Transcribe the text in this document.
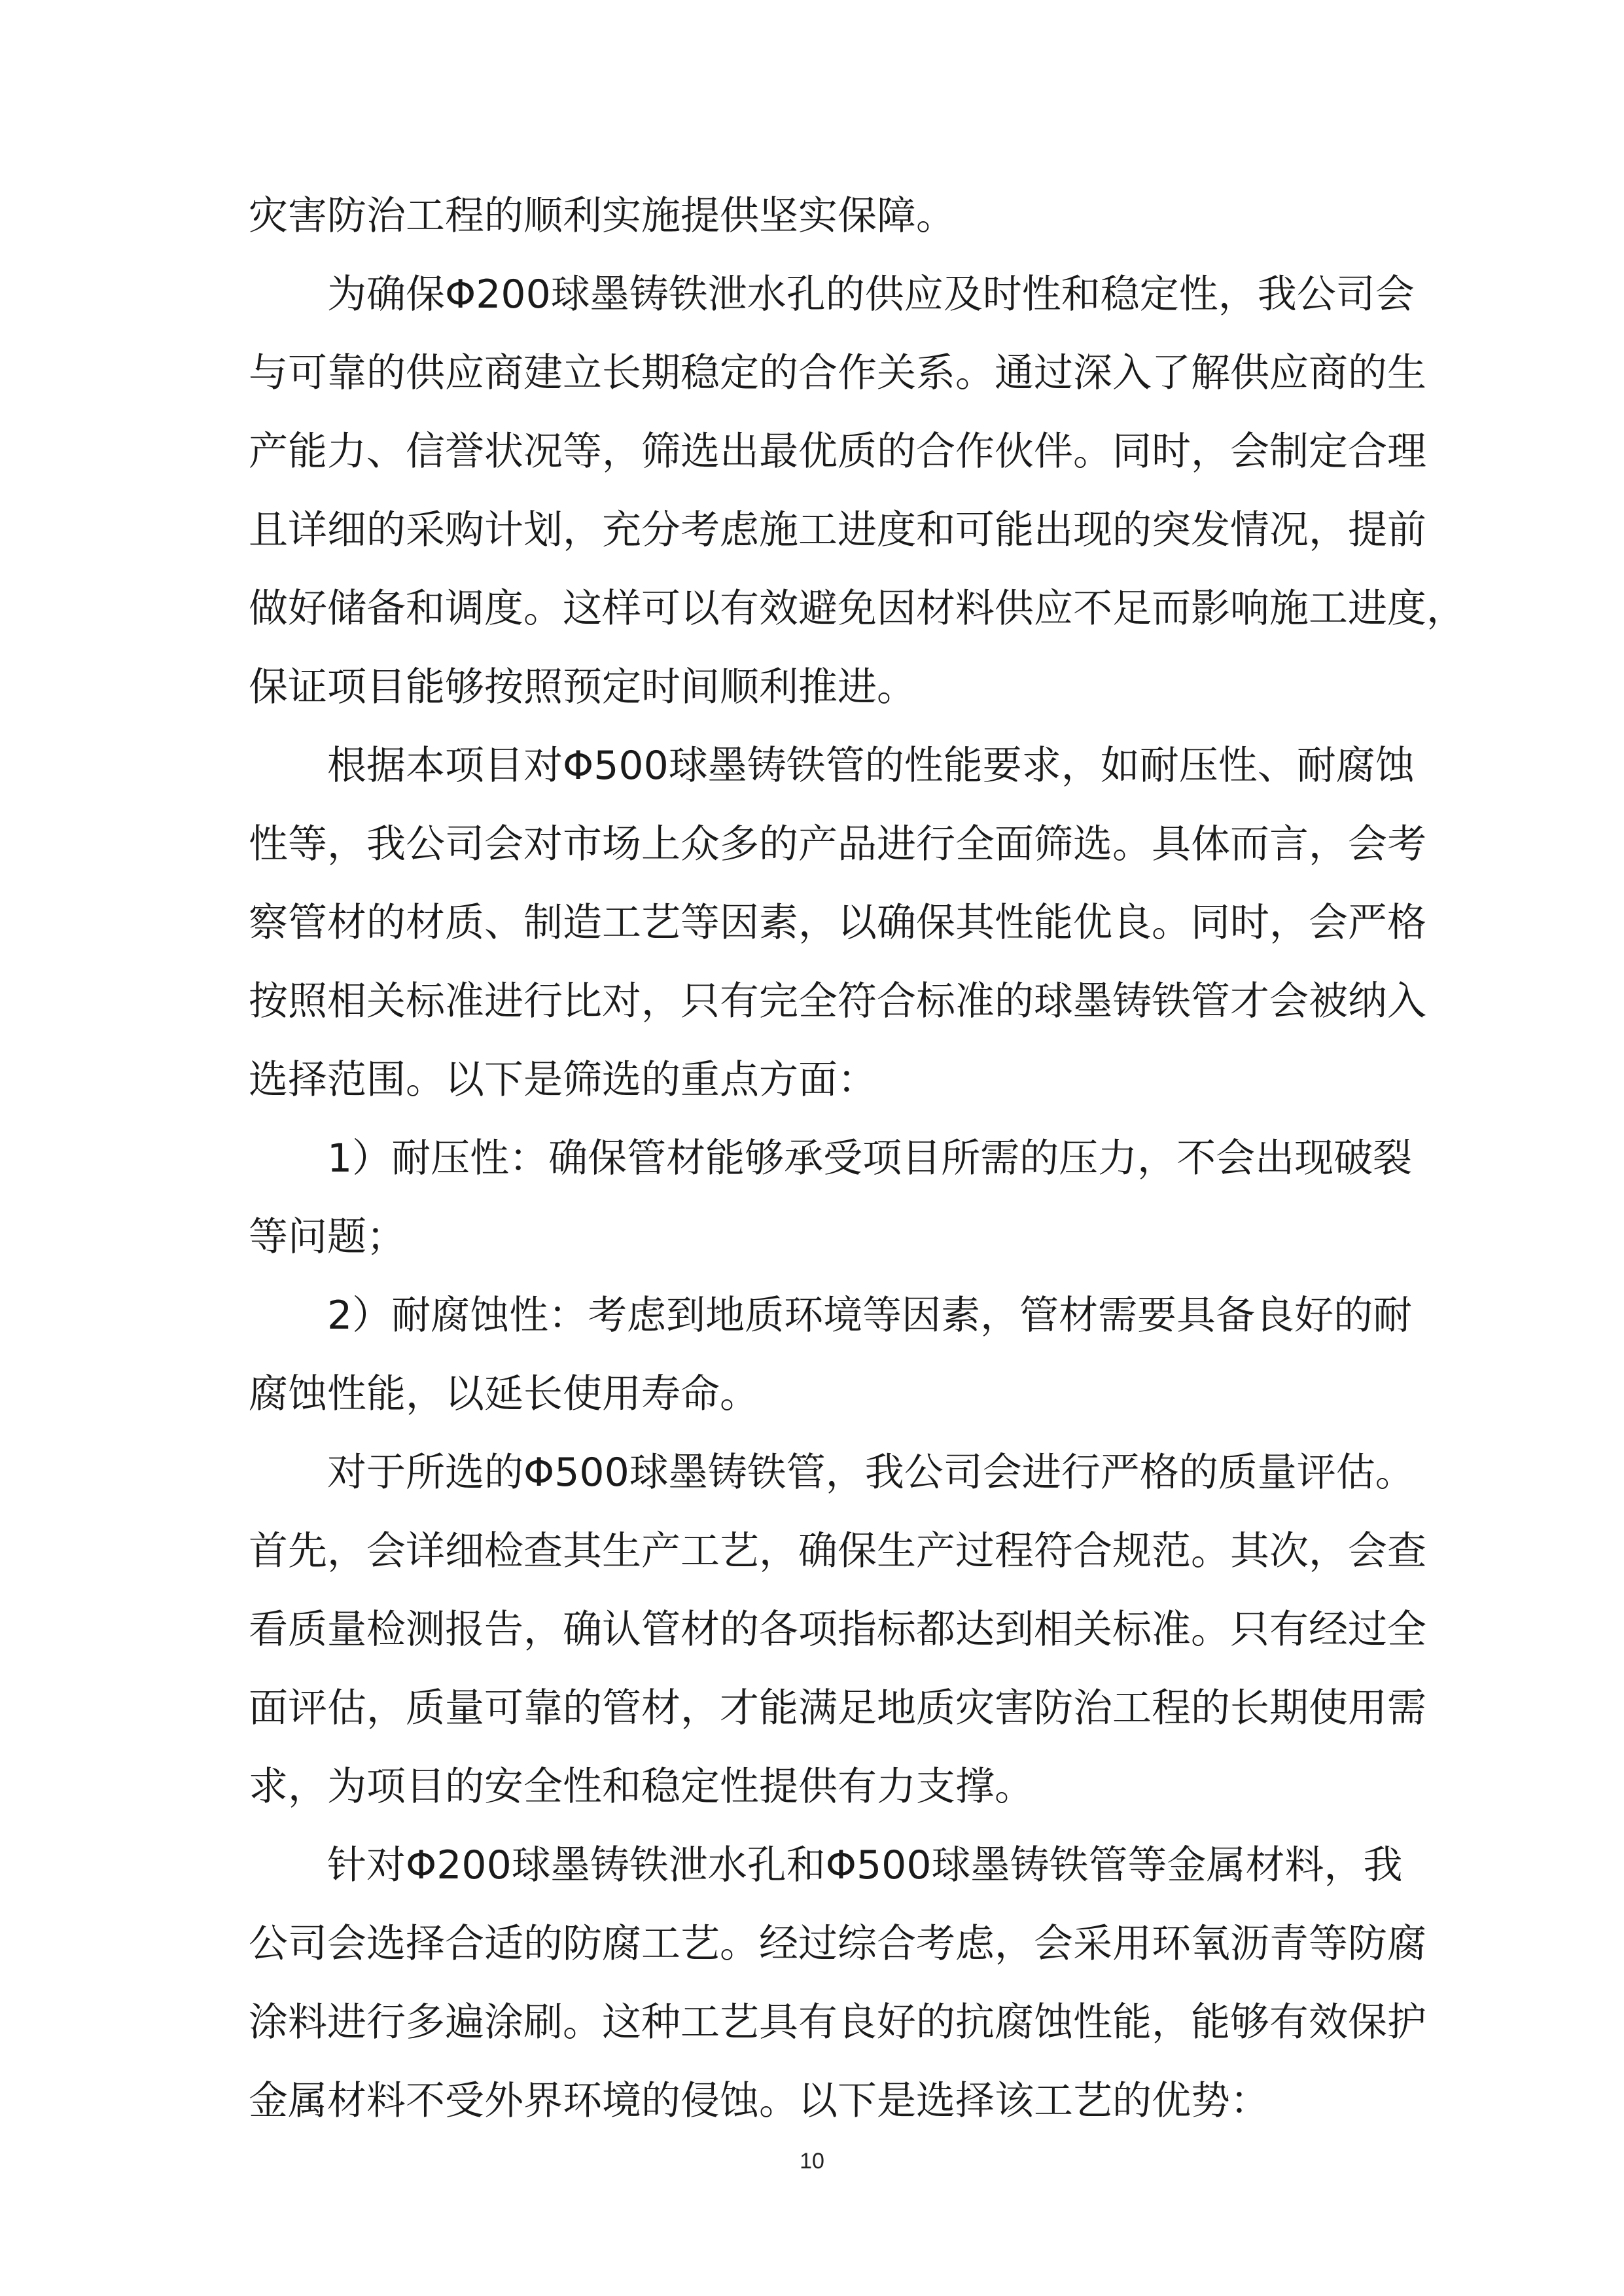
灾害防治工程的顺利实施提供坚实保障。
为确保Φ200球墨铸铁泄水孔的供应及时性和稳定性，我公司会
与可靠的供应商建立长期稳定的合作关系。通过深入了解供应商的生
产能力、信誉状况等，筛选出最优质的合作伙伴。同时，会制定合理
且详细的采购计划，充分考虑施工进度和可能出现的突发情况，提前
做好储备和调度。这样可以有效避免因材料供应不足而影响施工进度，
保证项目能够按照预定时间顺利推进。
根据本项目对Φ500球墨铸铁管的性能要求，如耐压性、耐腐蚀
性等，我公司会对市场上众多的产品进行全面筛选。具体而言，会考
察管材的材质、制造工艺等因素，以确保其性能优良。同时，会严格
按照相关标准进行比对，只有完全符合标准的球墨铸铁管才会被纳入
选择范围。以下是筛选的重点方面：
1）耐压性：确保管材能够承受项目所需的压力，不会出现破裂
等问题；
2）耐腐蚀性：考虑到地质环境等因素，管材需要具备良好的耐
腐蚀性能，以延长使用寿命。
对于所选的Φ500球墨铸铁管，我公司会进行严格的质量评估。
首先，会详细检查其生产工艺，确保生产过程符合规范。其次，会查
看质量检测报告，确认管材的各项指标都达到相关标准。只有经过全
面评估，质量可靠的管材，才能满足地质灾害防治工程的长期使用需
求，为项目的安全性和稳定性提供有力支撑。
针对Φ200球墨铸铁泄水孔和Φ500球墨铸铁管等金属材料，我
公司会选择合适的防腐工艺。经过综合考虑，会采用环氧沥青等防腐
涂料进行多遍涂刷。这种工艺具有良好的抗腐蚀性能，能够有效保护
金属材料不受外界环境的侵蚀。以下是选择该工艺的优势：
10
